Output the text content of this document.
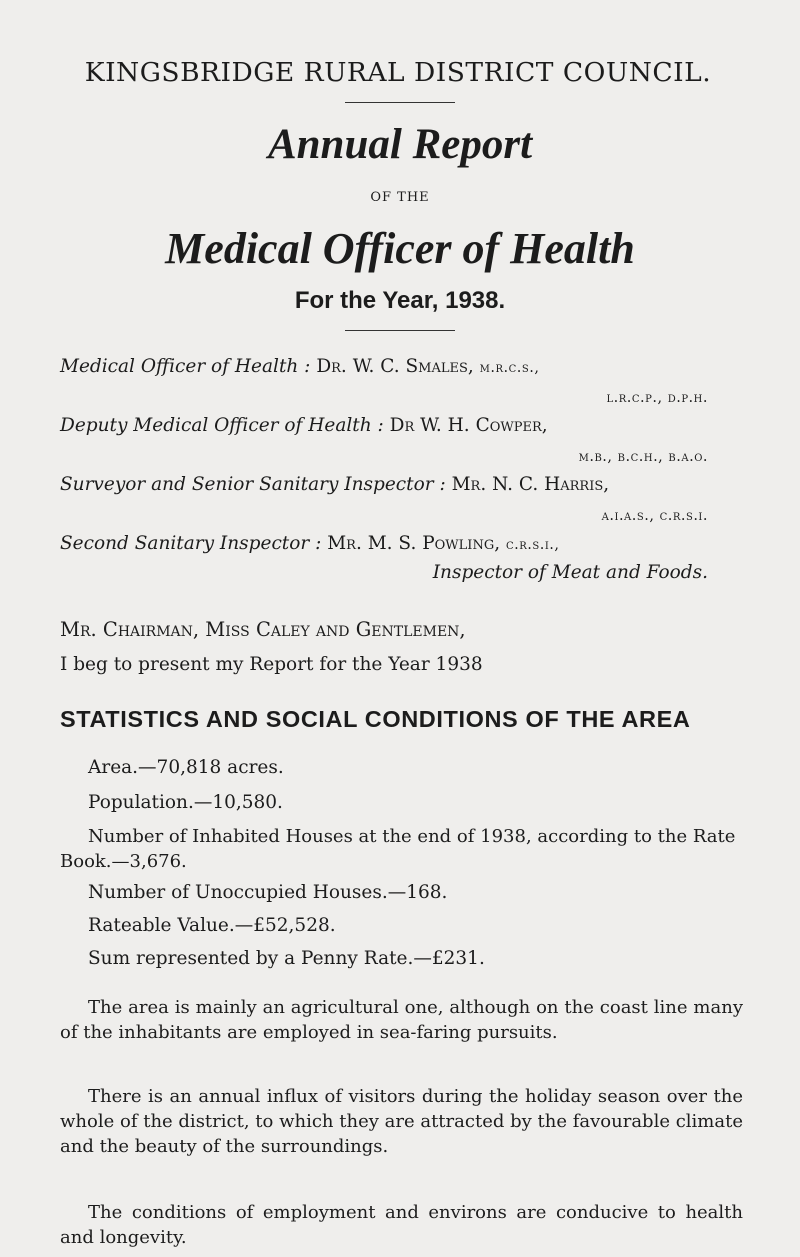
KINGSBRIDGE RURAL DISTRICT COUNCIL.
Annual Report
OF THE
Medical Officer of Health
For the Year, 1938.
Medical Officer of Health : Dr. W. C. Smales, m.r.c.s.,
l.r.c.p., d.p.h.
Deputy Medical Officer of Health : Dr W. H. Cowper,
m.b., b.c.h., b.a.o.
Surveyor and Senior Sanitary Inspector : Mr. N. C. Harris,
a.i.a.s., c.r.s.i.
Second Sanitary Inspector : Mr. M. S. Powling, c.r.s.i.,
Inspector of Meat and Foods.
Mr. Chairman, Miss Caley and Gentlemen,
I beg to present my Report for the Year 1938
STATISTICS AND SOCIAL CONDITIONS OF THE AREA
Area.—70,818 acres.
Population.—10,580.
Number of Inhabited Houses at the end of 1938, according to the Rate Book.—3,676.
Number of Unoccupied Houses.—168.
Rateable Value.—£52,528.
Sum represented by a Penny Rate.—£231.
The area is mainly an agricultural one, although on the coast line many of the inhabitants are employed in sea-faring pursuits.
There is an annual influx of visitors during the holiday season over the whole of the district, to which they are attracted by the favourable climate and the beauty of the surroundings.
The conditions of employment and environs are conducive to health and longevity.
